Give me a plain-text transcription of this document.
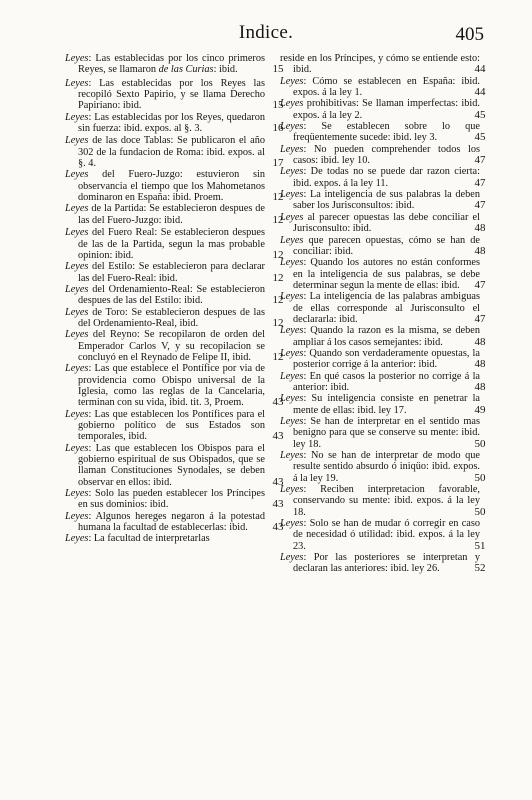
Indice.	405
Leyes: Las establecidas por los cinco primeros Reyes, se llamaron de las Curias: ibid.	15
Leyes: Las establecidas por los Reyes las recopiló Sexto Papirio, y se llama Derecho Papiriano: ibid.	15
Leyes: Las establecidas por los Reyes, quedaron sin fuerza: ibid. expos. al §. 3.	16
Leyes de las doce Tablas: Se publicaron el año 302 de la fundacion de Roma: ibid. expos. al §. 4.	17
Leyes del Fuero-Juzgo: estuvieron sin observancia el tiempo que los Mahometanos dominaron en España: ibid. Proem.	12
Leyes de la Partida: Se establecieron despues de las del Fuero-Juzgo: ibid.	12
Leyes del Fuero Real: Se establecieron despues de las de la Partida, segun la mas probable opinion: ibid.	12
Leyes del Estilo: Se establecieron para declarar las del Fuero-Real: ibid.	12
Leyes del Ordenamiento-Real: Se establecieron despues de las del Estilo: ibid.	12
Leyes de Toro: Se establecieron despues de las del Ordenamiento-Real, ibid.	12
Leyes del Reyno: Se recopilaron de orden del Emperador Carlos V, y su recopilacion se concluyó en el Reynado de Felipe II, ibid.	12
Leyes: Las que establece el Pontífice por via de providencia como Obispo universal de la Iglesia, como las reglas de la Cancelaria, terminan con su vida, ibid. tit. 3, Proem.	43
Leyes: Las que establecen los Pontífices para el gobierno político de sus Estados son temporales, ibid.	43
Leyes: Las que establecen los Obispos para el gobierno espiritual de sus Obispados, que se llaman Constituciones Synodales, se deben observar en ellos: ibid.	43
Leyes: Solo las pueden establecer los Príncipes en sus dominios: ibid.	43
Leyes: Algunos hereges negaron á la potestad humana la facultad de establecerlas: ibid.	43
Leyes: La facultad de interpretarlas
reside en los Príncipes, y cómo se entiende esto: ibid.	44
Leyes: Cómo se establecen en España: ibid. expos. á la ley 1.	44
Leyes prohibitivas: Se llaman imperfectas: ibid. expos. á la ley 2.	45
Leyes: Se establecen sobre lo que freqüentemente sucede: ibid. ley 3.	45
Leyes: No pueden comprehender todos los casos: ibid. ley 10.	47
Leyes: De todas no se puede dar razon cierta: ibid. expos. á la ley 11.	47
Leyes: La inteligencia de sus palabras la deben saber los Jurisconsultos: ibid.	47
Leyes al parecer opuestas las debe conciliar el Jurisconsulto: ibid.	48
Leyes que parecen opuestas, cómo se han de conciliar: ibid.	48
Leyes: Quando los autores no están conformes en la inteligencia de sus palabras, se debe determinar segun la mente de ellas: ibid.	47
Leyes: La inteligencia de las palabras ambiguas de ellas corresponde al Jurisconsulto el declararla: ibid.	47
Leyes: Quando la razon es la misma, se deben ampliar á los casos semejantes: ibid.	48
Leyes: Quando son verdaderamente opuestas, la posterior corrige á la anterior: ibid.	48
Leyes: En qué casos la posterior no corrige á la anterior: ibid.	48
Leyes: Su inteligencia consiste en penetrar la mente de ellas: ibid. ley 17.	49
Leyes: Se han de interpretar en el sentido mas benigno para que se conserve su mente: ibid. ley 18.	50
Leyes: No se han de interpretar de modo que resulte sentido absurdo ó iniqüo: ibid. expos. á la ley 19.	50
Leyes: Reciben interpretacion favorable, conservando su mente: ibid. expos. á la ley 18.	50
Leyes: Solo se han de mudar ó corregir en caso de necesidad ó utilidad: ibid. expos. á la ley 23.	51
Leyes: Por las posteriores se interpretan y declaran las anteriores: ibid. ley 26.	52
